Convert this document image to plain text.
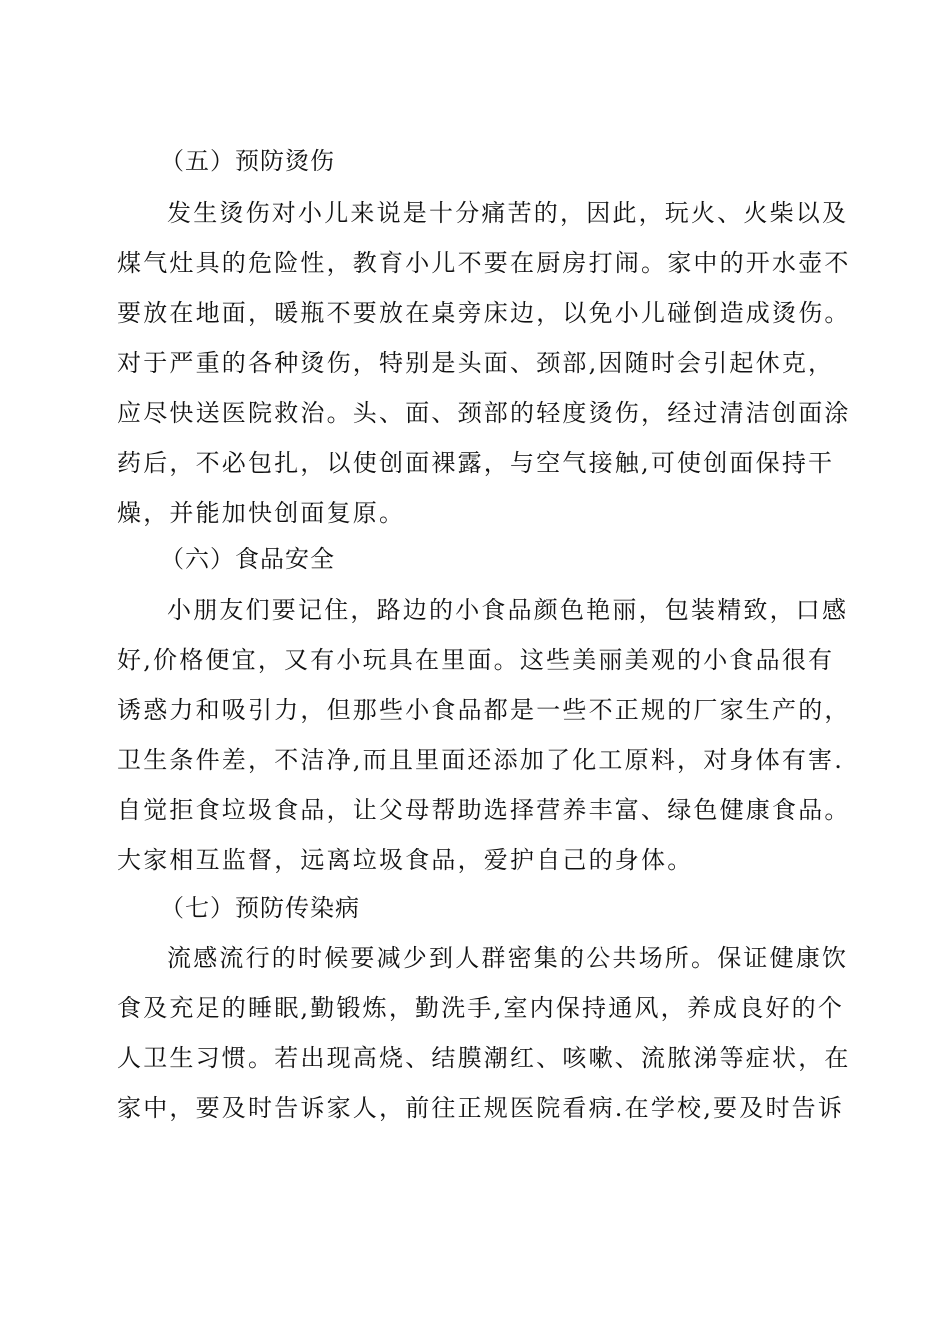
（五）预防烫伤
发生烫伤对小儿来说是十分痛苦的，因此，玩火、火柴以及
煤气灶具的危险性，教育小儿不要在厨房打闹。家中的开水壶不
要放在地面，暖瓶不要放在桌旁床边，以免小儿碰倒造成烫伤。
对于严重的各种烫伤，特别是头面、颈部,因随时会引起休克，
应尽快送医院救治。头、面、颈部的轻度烫伤，经过清洁创面涂
药后，不必包扎，以使创面裸露，与空气接触,可使创面保持干
燥，并能加快创面复原。
（六）食品安全
小朋友们要记住，路边的小食品颜色艳丽，包装精致，口感
好,价格便宜，又有小玩具在里面。这些美丽美观的小食品很有
诱惑力和吸引力，但那些小食品都是一些不正规的厂家生产的，
卫生条件差，不洁净,而且里面还添加了化工原料，对身体有害.
自觉拒食垃圾食品，让父母帮助选择营养丰富、绿色健康食品。
大家相互监督，远离垃圾食品，爱护自己的身体。
（七）预防传染病
流感流行的时候要减少到人群密集的公共场所。保证健康饮
食及充足的睡眠,勤锻炼，勤洗手,室内保持通风，养成良好的个
人卫生习惯。若出现高烧、结膜潮红、咳嗽、流脓涕等症状，在
家中，要及时告诉家人，前往正规医院看病.在学校,要及时告诉
